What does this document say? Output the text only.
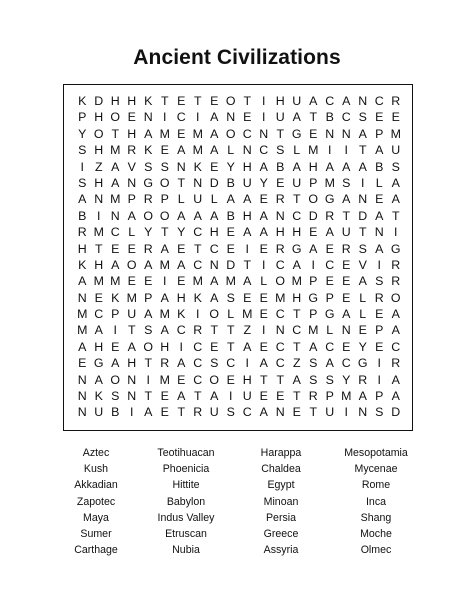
Ancient Civilizations
K D H H K T E T E O T I H U A C A N C R
P H O E N I C I A N E I U A T B C S E E
Y O T H A M E M A O C N T G E N N A P M
S H M R K E A M A L N C S L M I	I T A U
I Z A V S S N K E Y H A B A H A A A B S
S H A N G O T N D B U Y E U P M S I L A
A N M P R P L U L A A E R T O G A N E A
B I N A O O A A A B H A N C D R T D A T
R M C L Y T Y C H E A A H H E A U T N I
H T E E R A E T C E I E R G A E R S A G
K H A O A M A C N D T I C A I C E V I R
A M M E E I E M A M A L O M P E E A S R
N E K M P A H K A S E E M H G P E L R O
M C P U A M K I O L M E C T P G A L E A
M A I T S A C R T T Z I N C M L N E P A
A H E A O H I C E T A E C T A C E Y E C
E G A H T R A C S C I A C Z S A C G I R
N A O N I M E C O E H T T A S S Y R I A
N K S N T E A T A I U E E T R P M A P A
N U B I A E T R U S C A N E T U I N S D
Aztec	Teotihuacan	Harappa	Mesopotamia
Kush	Phoenicia	Chaldea	Mycenae
Akkadian	Hittite	Egypt	Rome
Zapotec	Babylon	Minoan	Inca
Maya	Indus Valley	Persia	Shang
Sumer	Etruscan	Greece	Moche
Carthage	Nubia	Assyria	Olmec
